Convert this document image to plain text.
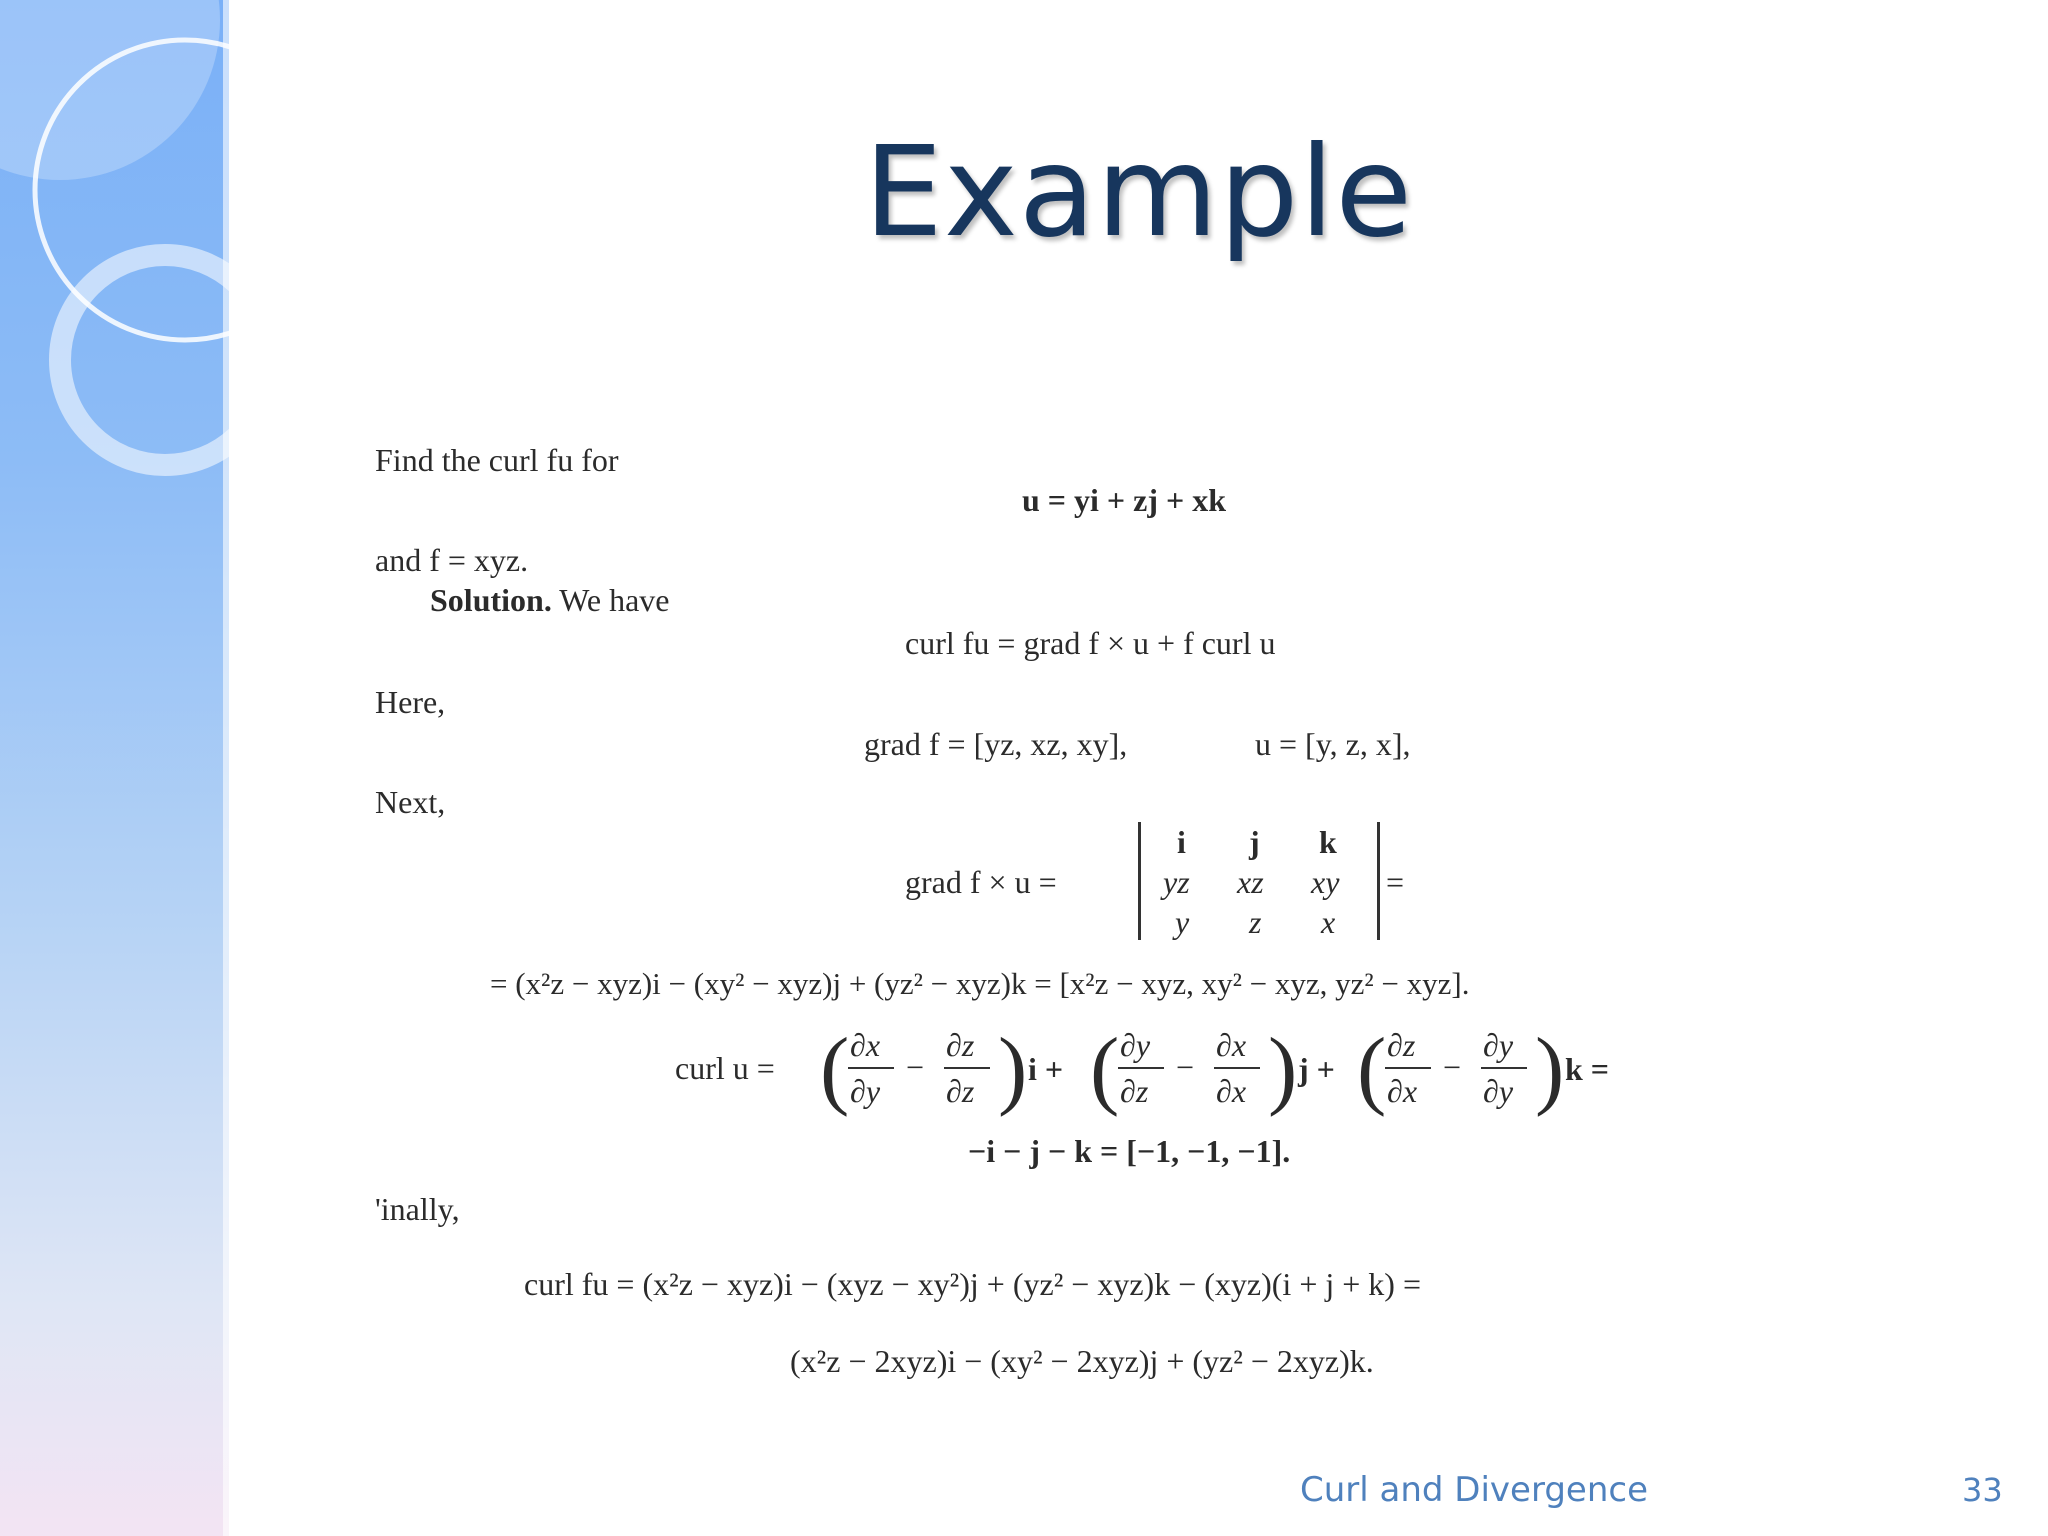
Example
Find the curl fu for
u = yi + zj + xk
and f = xyz.
Solution. We have
curl fu = grad f × u + f curl u
Here,
grad f = [yz, xz, xy],	u = [y, z, x],
Next,
grad f × u =
i j k
yz xz xy
y z x
=
= (x²z − xyz)i − (xy² − xyz)j + (yz² − xyz)k = [x²z − xyz, xy² − xyz, yz² − xyz].
curl u = ( ∂x
∂y
−
∂z
∂z ) i + ( ∂y
∂z
−
∂x
∂x ) j + ( ∂z
∂x
−
∂y
∂y ) k =
−i − j − k = [−1, −1, −1].
'inally,
curl fu = (x²z − xyz)i − (xyz − xy²)j + (yz² − xyz)k − (xyz)(i + j + k) =
(x²z − 2xyz)i − (xy² − 2xyz)j + (yz² − 2xyz)k.
Curl and Divergence	33
